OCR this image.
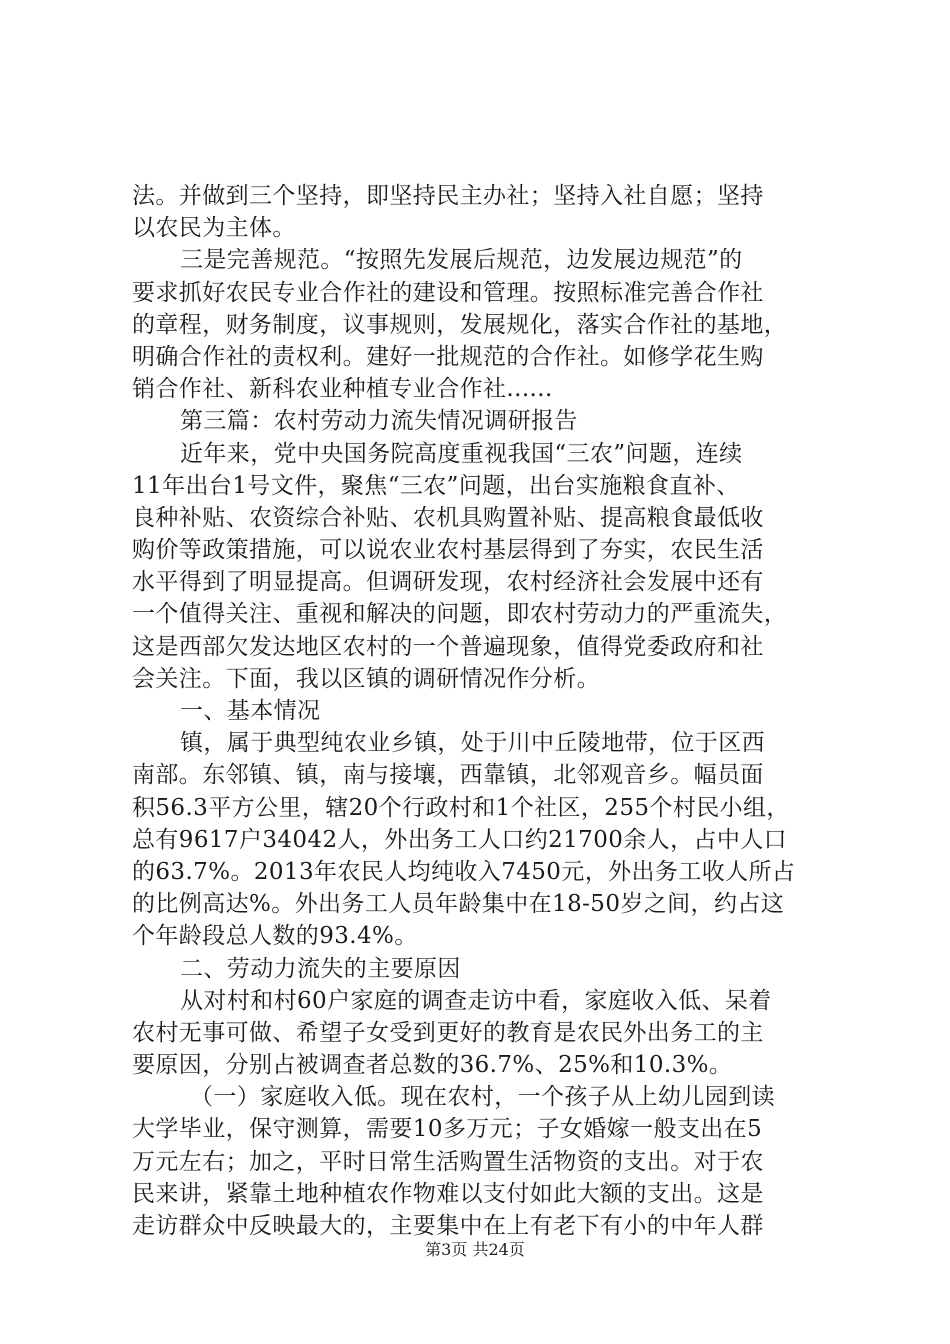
法。并做到三个坚持，即坚持民主办社；坚持入社自愿；坚持
以农民为主体。
三是完善规范。“按照先发展后规范，边发展边规范”的
要求抓好农民专业合作社的建设和管理。按照标准完善合作社
的章程，财务制度，议事规则，发展规化，落实合作社的基地，
明确合作社的责权利。建好一批规范的合作社。如修学花生购
销合作社、新科农业种植专业合作社......
第三篇：农村劳动力流失情况调研报告
近年来，党中央国务院高度重视我国“三农”问题，连续
11年出台1号文件，聚焦“三农”问题，出台实施粮食直补、
良种补贴、农资综合补贴、农机具购置补贴、提高粮食最低收
购价等政策措施，可以说农业农村基层得到了夯实，农民生活
水平得到了明显提高。但调研发现，农村经济社会发展中还有
一个值得关注、重视和解决的问题，即农村劳动力的严重流失，
这是西部欠发达地区农村的一个普遍现象，值得党委政府和社
会关注。下面，我以区镇的调研情况作分析。
一、基本情况
镇，属于典型纯农业乡镇，处于川中丘陵地带，位于区西
南部。东邻镇、镇，南与接壤，西靠镇，北邻观音乡。幅员面
积56.3平方公里，辖20个行政村和1个社区，255个村民小组，
总有9617户34042人，外出务工人口约21700余人，占中人口
的63.7%。2013年农民人均纯收入7450元，外出务工收人所占
的比例高达%。外出务工人员年龄集中在18-50岁之间，约占这
个年龄段总人数的93.4%。
二、劳动力流失的主要原因
从对村和村60户家庭的调查走访中看，家庭收入低、呆着
农村无事可做、希望子女受到更好的教育是农民外出务工的主
要原因，分别占被调查者总数的36.7%、25%和10.3%。
（一）家庭收入低。现在农村，一个孩子从上幼儿园到读
大学毕业，保守测算，需要10多万元；子女婚嫁一般支出在5
万元左右；加之，平时日常生活购置生活物资的支出。对于农
民来讲，紧靠土地种植农作物难以支付如此大额的支出。这是
走访群众中反映最大的，主要集中在上有老下有小的中年人群
第3页 共24页
